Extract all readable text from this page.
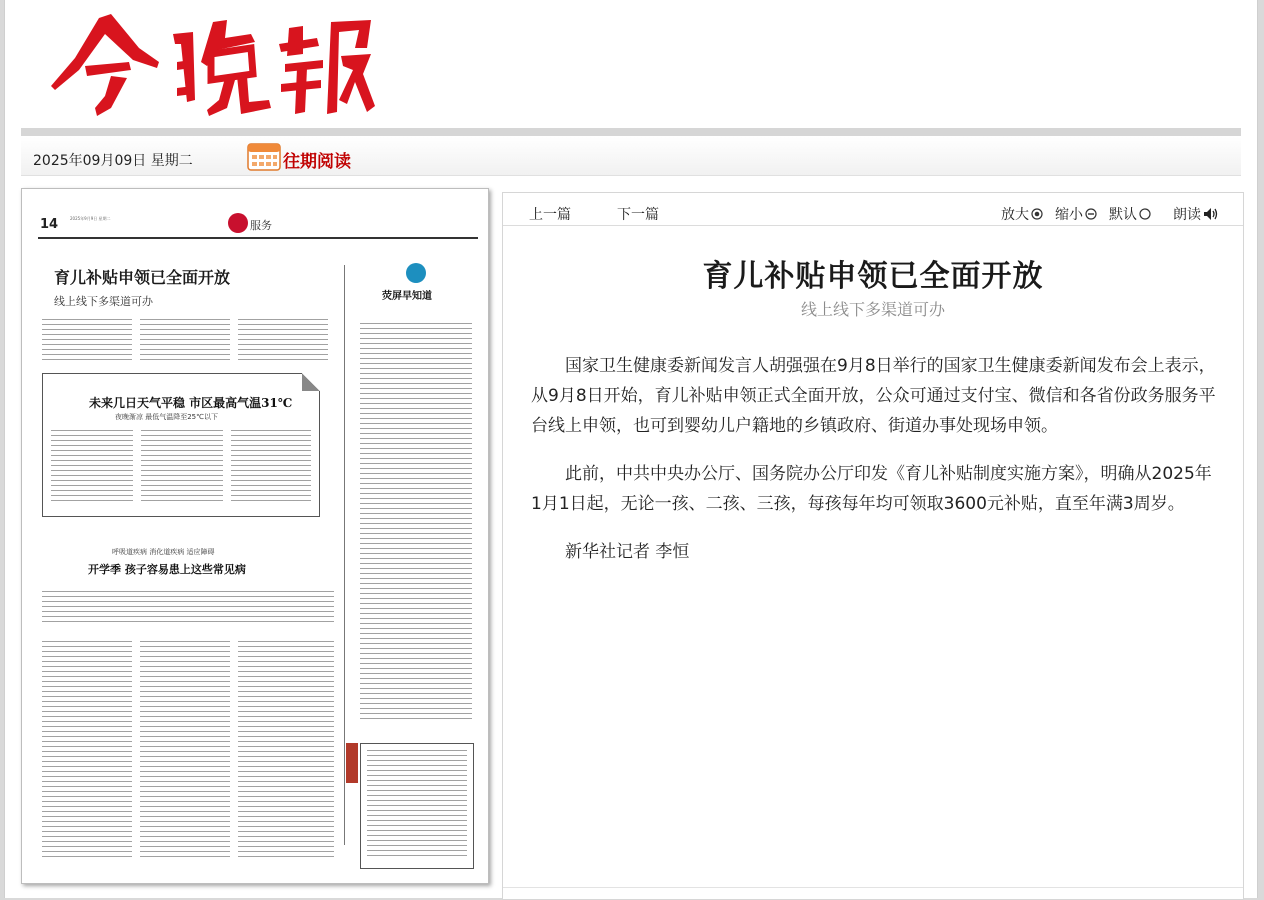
2025年09月09日 星期二	往期阅读
14	2025年9月9日 星期二
服务
育儿补贴申领已全面开放
线上线下多渠道可办
未来几日天气平稳 市区最高气温31℃
夜晚渐凉 最低气温降至25℃以下
呼吸道疾病 消化道疾病 适应障碍
开学季 孩子容易患上这些常见病
荧屏早知道
上一篇	下一篇	放大 缩小 默认	朗读
育儿补贴申领已全面开放
线上线下多渠道可办

国家卫生健康委新闻发言人胡强强在9月8日举行的国家卫生健康委新闻发布会上表示，从9月8日开始，育儿补贴申领正式全面开放，公众可通过支付宝、微信和各省份政务服务平台线上申领，也可到婴幼儿户籍地的乡镇政府、街道办事处现场申领。

此前，中共中央办公厅、国务院办公厅印发《育儿补贴制度实施方案》，明确从2025年1月1日起，无论一孩、二孩、三孩，每孩每年均可领取3600元补贴，直至年满3周岁。

新华社记者 李恒
